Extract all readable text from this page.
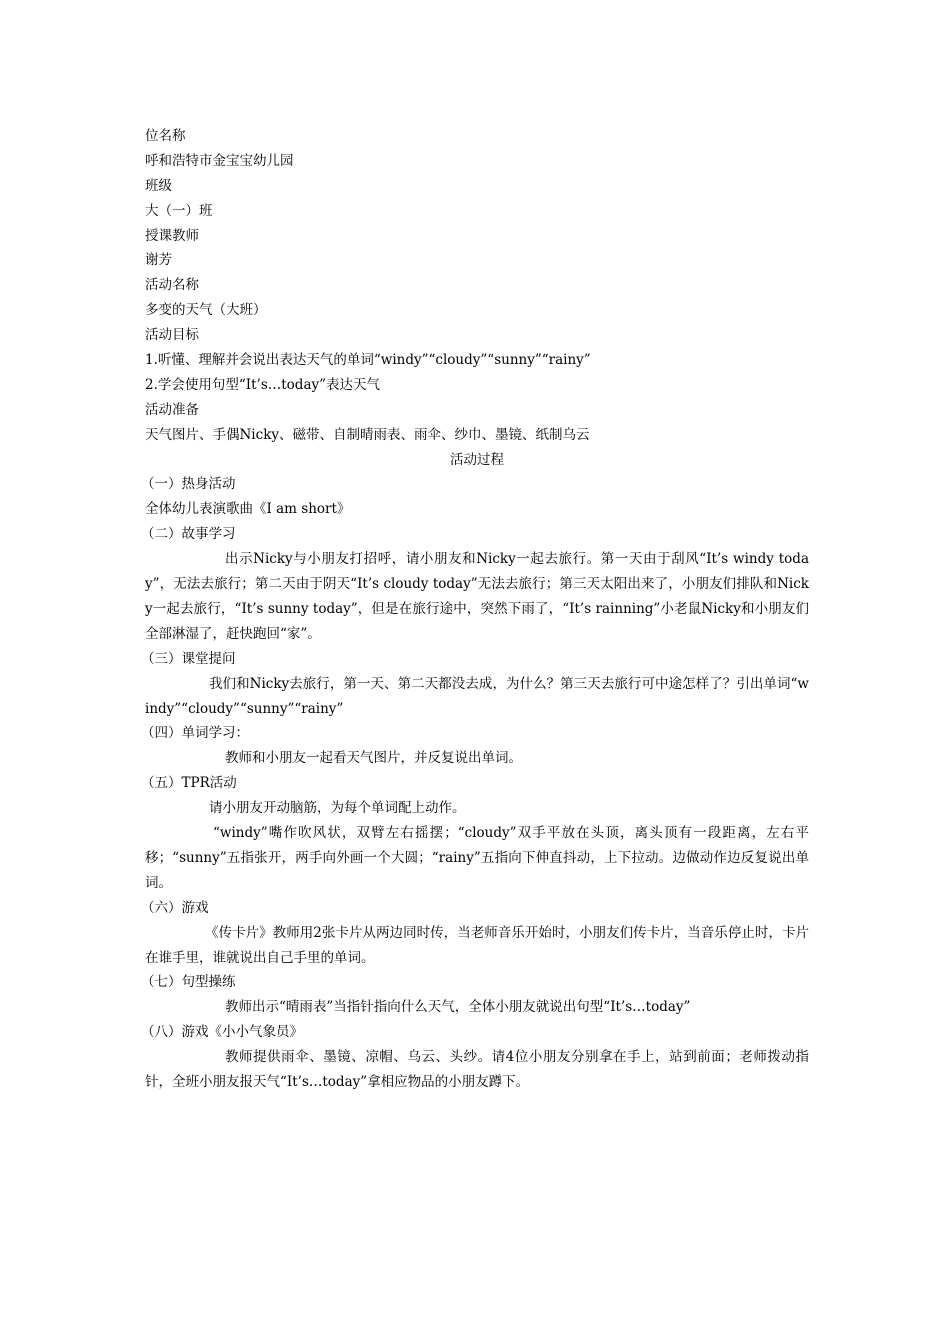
位名称
呼和浩特市金宝宝幼儿园
班级
大（一）班
授课教师
谢芳
活动名称
多变的天气（大班）
活动目标
1.听懂、理解并会说出表达天气的单词“windy”“cloudy”“sunny”“rainy”
2.学会使用句型“It’s…today”表达天气
活动准备
天气图片、手偶Nicky、磁带、自制晴雨表、雨伞、纱巾、墨镜、纸制乌云
活动过程
（一）热身活动
全体幼儿表演歌曲《I am short》
（二）故事学习
出示Nicky与小朋友打招呼，请小朋友和Nicky一起去旅行。第一天由于刮风“It’s windy today”，无法去旅行；第二天由于阴天“It’s cloudy today”无法去旅行；第三天太阳出来了，小朋友们排队和Nicky一起去旅行，“It’s sunny today”，但是在旅行途中，突然下雨了，“It’s rainning”小老鼠Nicky和小朋友们全部淋湿了，赶快跑回“家”。
（三）课堂提问
我们和Nicky去旅行，第一天、第二天都没去成，为什么？第三天去旅行可中途怎样了？引出单词“windy”“cloudy”“sunny”“rainy”
（四）单词学习：
教师和小朋友一起看天气图片，并反复说出单词。
（五）TPR活动
请小朋友开动脑筋，为每个单词配上动作。
“windy”嘴作吹风状，双臂左右摇摆；“cloudy”双手平放在头顶，离头顶有一段距离，左右平移；“sunny”五指张开，两手向外画一个大圆；“rainy”五指向下伸直抖动，上下拉动。边做动作边反复说出单词。
（六）游戏
《传卡片》教师用2张卡片从两边同时传，当老师音乐开始时，小朋友们传卡片，当音乐停止时，卡片在谁手里，谁就说出自己手里的单词。
（七）句型操练
教师出示“晴雨表”当指针指向什么天气，全体小朋友就说出句型“It’s…today”
（八）游戏《小小气象员》
教师提供雨伞、墨镜、凉帽、乌云、头纱。请4位小朋友分别拿在手上，站到前面；老师拨动指针，全班小朋友报天气“It’s…today”拿相应物品的小朋友蹲下。
